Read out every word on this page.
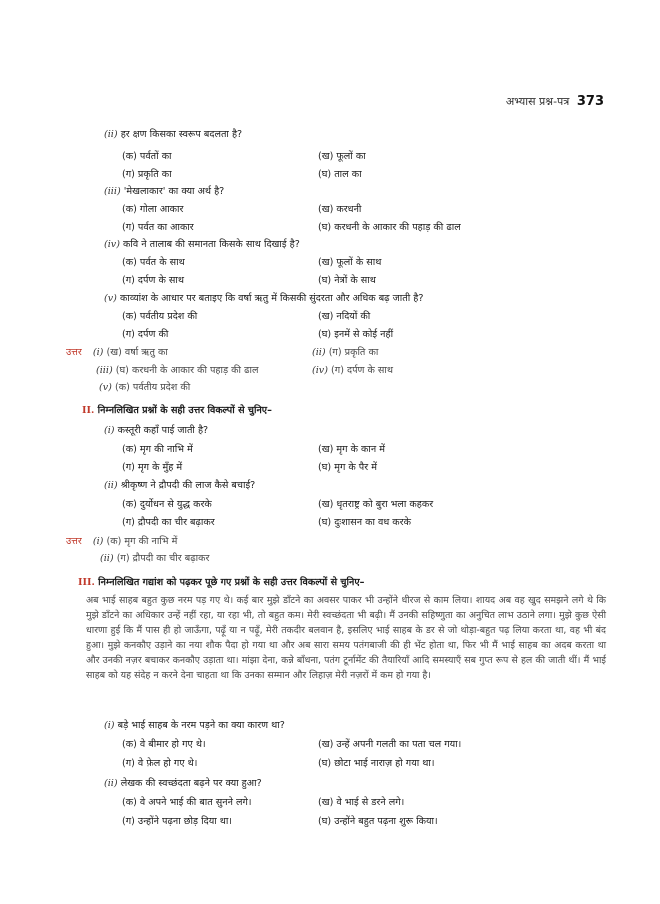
अभ्यास प्रश्न-पत्र 373
(ii) हर क्षण किसका स्वरूप बदलता है?
(क) पर्वतों का	(ख) फूलों का
(ग) प्रकृति का	(घ) ताल का
(iii) 'मेखलाकार' का क्या अर्थ है?
(क) गोला आकार	(ख) करधनी
(ग) पर्वत का आकार	(घ) करधनी के आकार की पहाड़ की ढाल
(iv) कवि ने तालाब की समानता किसके साथ दिखाई है?
(क) पर्वत के साथ	(ख) फूलों के साथ
(ग) दर्पण के साथ	(घ) नेत्रों के साथ
(v) काव्यांश के आधार पर बताइए कि वर्षा ऋतु में किसकी सुंदरता और अधिक बढ़ जाती है?
(क) पर्वतीय प्रदेश की	(ख) नदियों की
(ग) दर्पण की	(घ) इनमें से कोई नहीं
उत्तर (i) (ख) वर्षा ऋतु का	(ii) (ग) प्रकृति का
(iii) (घ) करधनी के आकार की पहाड़ की ढाल	(iv) (ग) दर्पण के साथ
(v) (क) पर्वतीय प्रदेश की
II. निम्नलिखित प्रश्नों के सही उत्तर विकल्पों से चुनिए–
(i) कस्तूरी कहाँ पाई जाती है?
(क) मृग की नाभि में	(ख) मृग के कान में
(ग) मृग के मुँह में	(घ) मृग के पैर में
(ii) श्रीकृष्ण ने द्रौपदी की लाज कैसे बचाई?
(क) दुर्योधन से युद्ध करके	(ख) धृतराष्ट्र को बुरा भला कहकर
(ग) द्रौपदी का चीर बढ़ाकर	(घ) दुःशासन का वध करके
उत्तर (i) (क) मृग की नाभि में
(ii) (ग) द्रौपदी का चीर बढ़ाकर
III. निम्नलिखित गद्यांश को पढ़कर पूछे गए प्रश्नों के सही उत्तर विकल्पों से चुनिए–
अब भाई साहब बहुत कुछ नरम पड़ गए थे। कई बार मुझे डाँटने का अवसर पाकर भी उन्होंने धीरज से काम लिया। शायद अब वह खुद समझने लगे थे कि मुझे डाँटने का अधिकार उन्हें नहीं रहा, या रहा भी, तो बहुत कम। मेरी स्वच्छंदता भी बढ़ी। मैं उनकी सहिष्णुता का अनुचित लाभ उठाने लगा। मुझे कुछ ऐसी धारणा हुई कि मैं पास ही हो जाऊँगा, पढ़ूँ या न पढ़ूँ, मेरी तकदीर बलवान है, इसलिए भाई साहब के डर से जो थोड़ा-बहुत पढ़ लिया करता था, वह भी बंद हुआ। मुझे कनकौए उड़ाने का नया शौक पैदा हो गया था और अब सारा समय पतंगबाजी की ही भेंट होता था, फिर भी मैं भाई साहब का अदब करता था और उनकी नज़र बचाकर कनकौए उड़ाता था। मांझा देना, कन्ने बाँधना, पतंग टूर्नामेंट की तैयारियाँ आदि समस्याएँ सब गुप्त रूप से हल की जाती थीं। मैं भाई साहब को यह संदेह न करने देना चाहता था कि उनका सम्मान और लिहाज़ मेरी नज़रों में कम हो गया है।
(i) बड़े भाई साहब के नरम पड़ने का क्या कारण था?
(क) वे बीमार हो गए थे।	(ख) उन्हें अपनी गलती का पता चल गया।
(ग) वे फ़ेल हो गए थे।	(घ) छोटा भाई नाराज़ हो गया था।
(ii) लेखक की स्वच्छंदता बढ़ने पर क्या हुआ?
(क) वे अपने भाई की बात सुनने लगे।	(ख) वे भाई से डरने लगे।
(ग) उन्होंने पढ़ना छोड़ दिया था।	(घ) उन्होंने बहुत पढ़ना शुरू किया।
